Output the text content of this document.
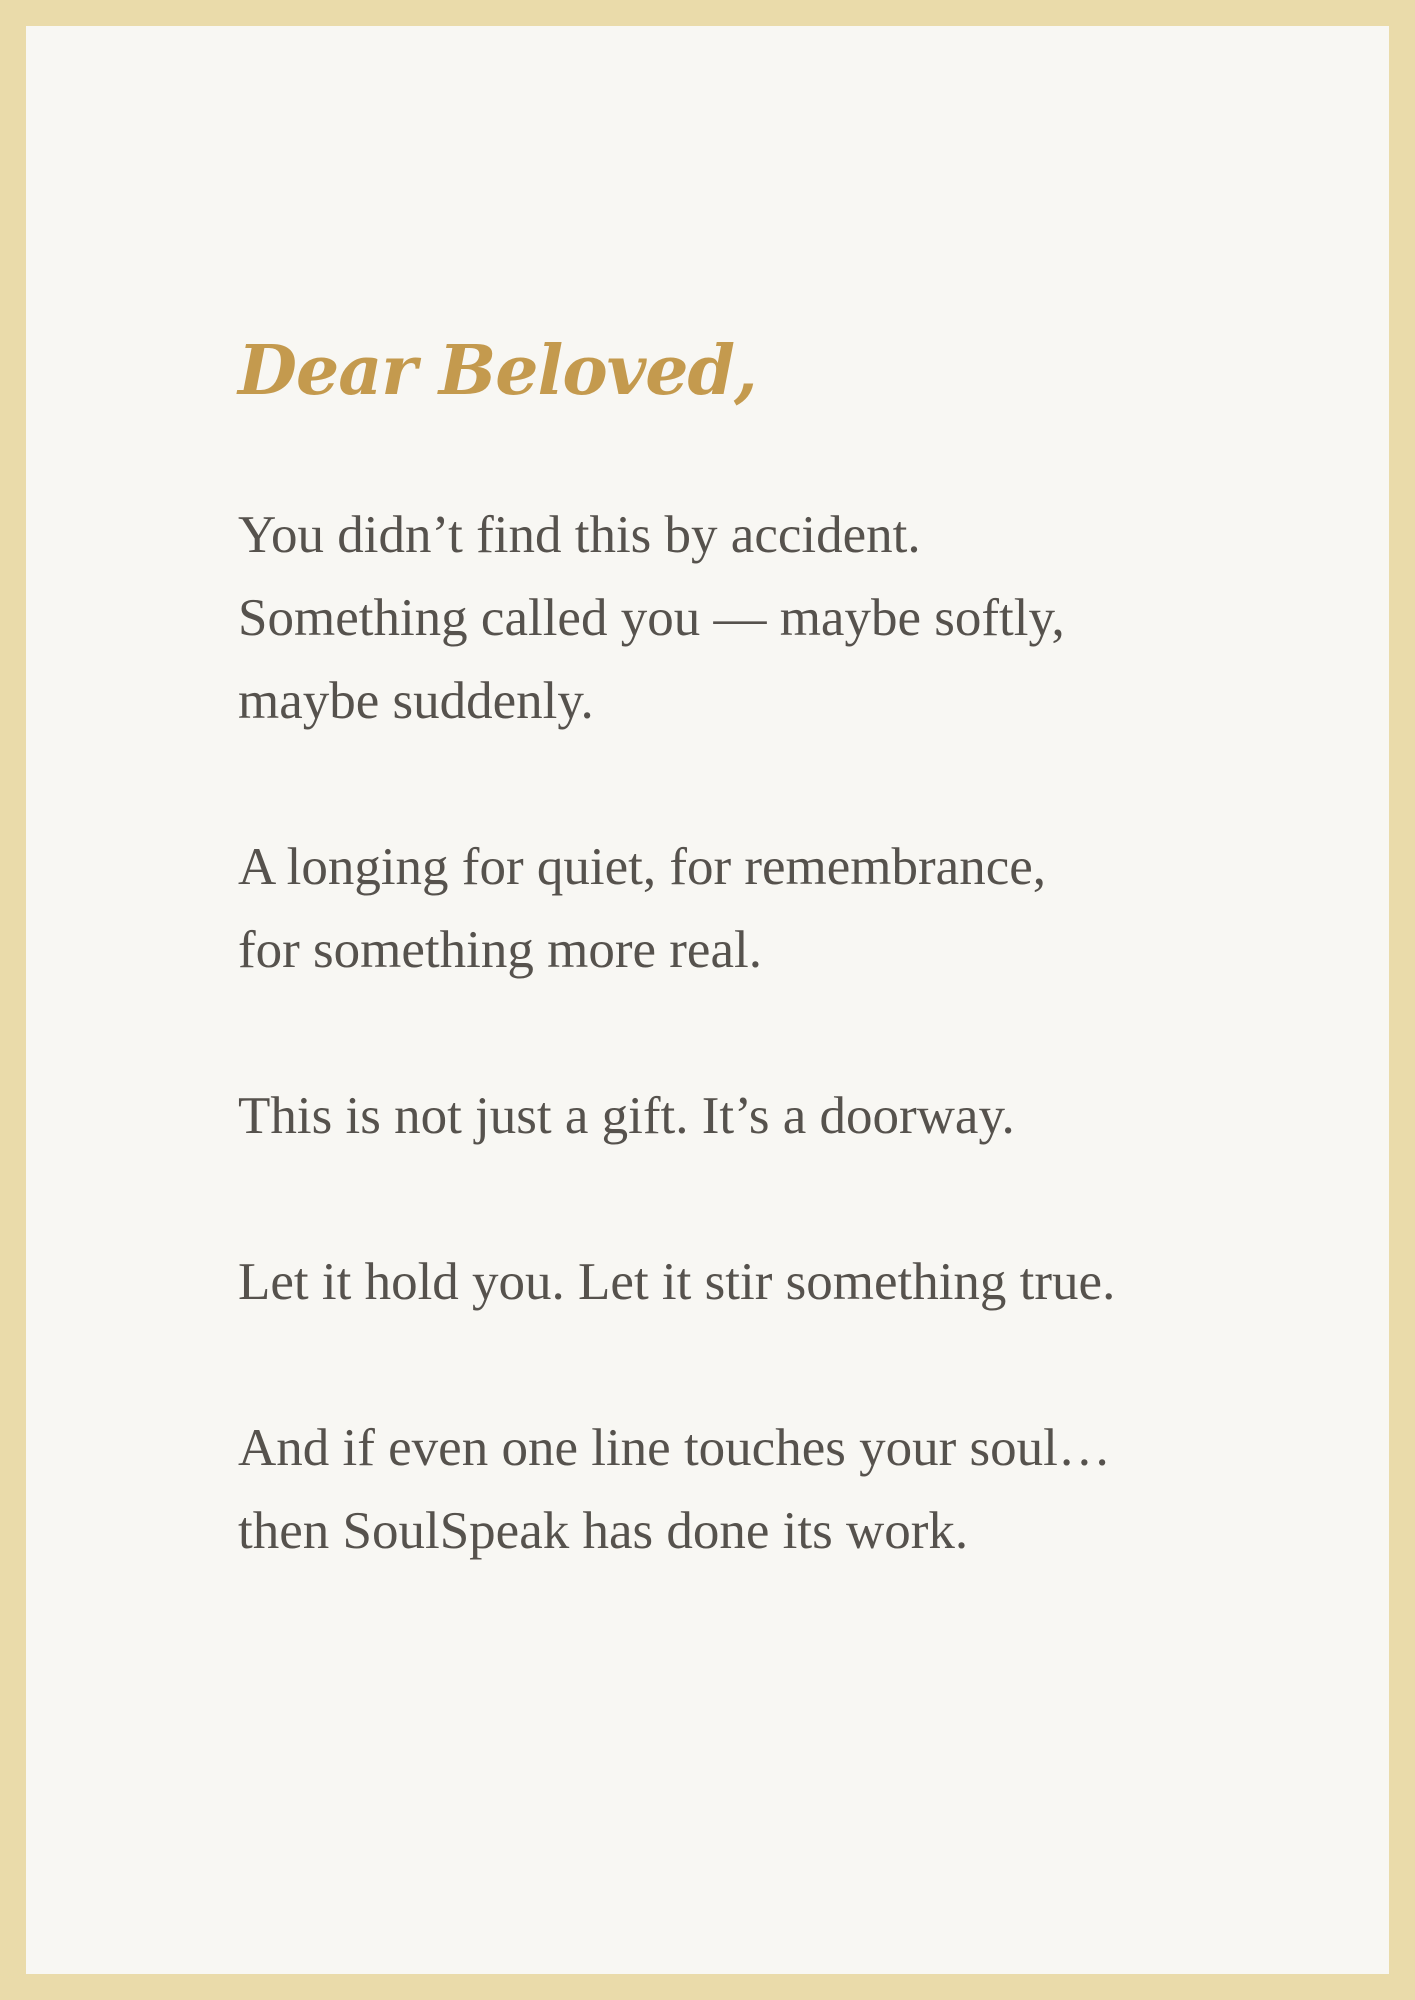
Dear Beloved,

You didn’t find this by accident.
Something called you — maybe softly,
maybe suddenly.

A longing for quiet, for remembrance,
for something more real.

This is not just a gift. It’s a doorway.

Let it hold you. Let it stir something true.

And if even one line touches your soul…
then SoulSpeak has done its work.
